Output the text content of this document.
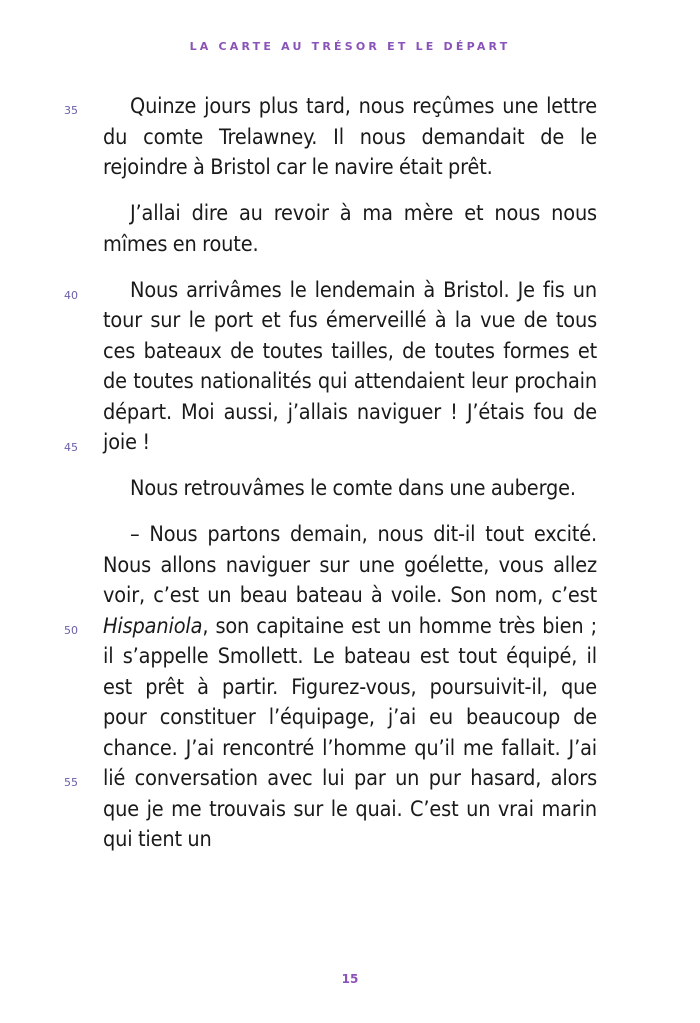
LA CARTE AU TRÉSOR ET LE DÉPART
35
40
45
50
55

Quinze jours plus tard, nous reçûmes une lettre du comte Trelawney. Il nous demandait de le rejoindre à Bristol car le navire était prêt.

J’allai dire au revoir à ma mère et nous nous mîmes en route.

Nous arrivâmes le lendemain à Bristol. Je fis un tour sur le port et fus émerveillé à la vue de tous ces bateaux de toutes tailles, de toutes formes et de toutes nationalités qui attendaient leur prochain départ. Moi aussi, j’allais naviguer ! J’étais fou de joie !

Nous retrouvâmes le comte dans une auberge.

– Nous partons demain, nous dit-il tout excité. Nous allons naviguer sur une goélette, vous allez voir, c’est un beau bateau à voile. Son nom, c’est Hispaniola, son capitaine est un homme très bien ; il s’appelle Smollett. Le bateau est tout équipé, il est prêt à partir. Figurez-vous, poursuivit-il, que pour constituer l’équipage, j’ai eu beaucoup de chance. J’ai rencontré l’homme qu’il me fallait. J’ai lié conversation avec lui par un pur hasard, alors que je me trouvais sur le quai. C’est un vrai marin qui tient un

15
